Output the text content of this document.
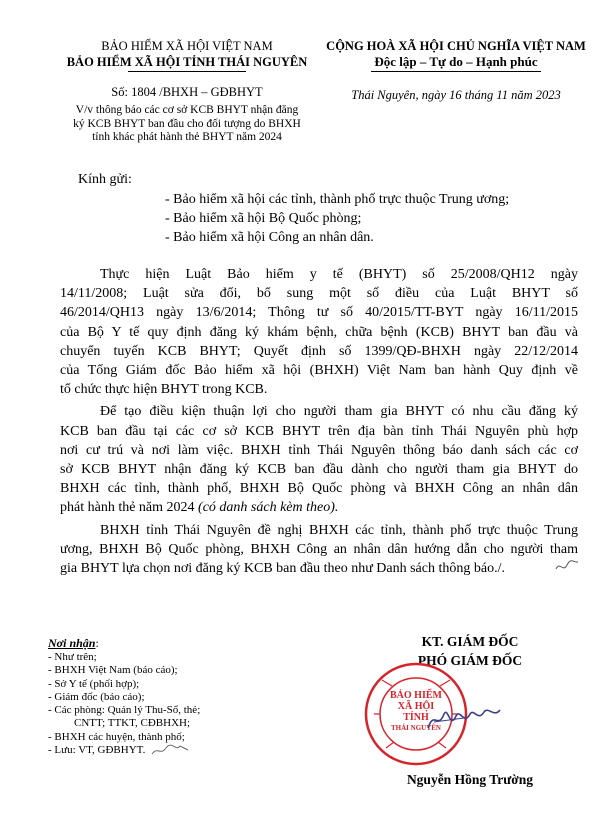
BẢO HIỂM XÃ HỘI VIỆT NAM
BẢO HIỂM XÃ HỘI TỈNH THÁI NGUYÊN
Số: 1804 /BHXH – GĐBHYT
V/v thông báo các cơ sở KCB BHYT nhận đăng
ký KCB BHYT ban đầu cho đối tượng do BHXH
tỉnh khác phát hành thẻ BHYT năm 2024
CỘNG HOÀ XÃ HỘI CHỦ NGHĨA VIỆT NAM
Độc lập – Tự do – Hạnh phúc
Thái Nguyên, ngày 16 tháng 11 năm 2023
Kính gửi:
- Bảo hiểm xã hội các tỉnh, thành phố trực thuộc Trung ương;
- Bảo hiểm xã hội Bộ Quốc phòng;
- Bảo hiểm xã hội Công an nhân dân.
Thực hiện Luật Bảo hiểm y tế (BHYT) số 25/2008/QH12 ngày
14/11/2008; Luật sửa đổi, bổ sung một số điều của Luật BHYT số
46/2014/QH13 ngày 13/6/2014; Thông tư số 40/2015/TT-BYT ngày 16/11/2015
của Bộ Y tế quy định đăng ký khám bệnh, chữa bệnh (KCB) BHYT ban đầu và
chuyển tuyến KCB BHYT; Quyết định số 1399/QĐ-BHXH ngày 22/12/2014
của Tổng Giám đốc Bảo hiểm xã hội (BHXH) Việt Nam ban hành Quy định về
tổ chức thực hiện BHYT trong KCB.
Để tạo điều kiện thuận lợi cho người tham gia BHYT có nhu cầu đăng ký
KCB ban đầu tại các cơ sở KCB BHYT trên địa bàn tỉnh Thái Nguyên phù hợp
nơi cư trú và nơi làm việc. BHXH tỉnh Thái Nguyên thông báo danh sách các cơ
sở KCB BHYT nhận đăng ký KCB ban đầu dành cho người tham gia BHYT do
BHXH các tỉnh, thành phố, BHXH Bộ Quốc phòng và BHXH Công an nhân dân
phát hành thẻ năm 2024 (có danh sách kèm theo).
BHXH tỉnh Thái Nguyên đề nghị BHXH các tỉnh, thành phố trực thuộc Trung
ương, BHXH Bộ Quốc phòng, BHXH Công an nhân dân hướng dẫn cho người tham
gia BHYT lựa chọn nơi đăng ký KCB ban đầu theo như Danh sách thông báo./.
Nơi nhận:
- Như trên;
- BHXH Việt Nam (báo cáo);
- Sở Y tế (phối hợp);
- Giám đốc (báo cáo);
- Các phòng: Quản lý Thu-Sổ, thẻ;
CNTT; TTKT, CĐBHXH;
- BHXH các huyện, thành phố;
- Lưu: VT, GĐBHYT.
KT. GIÁM ĐỐC
PHÓ GIÁM ĐỐC
BẢO HIỂM
XÃ HỘI
TỈNH
THÁI NGUYÊN
Nguyễn Hồng Trường
